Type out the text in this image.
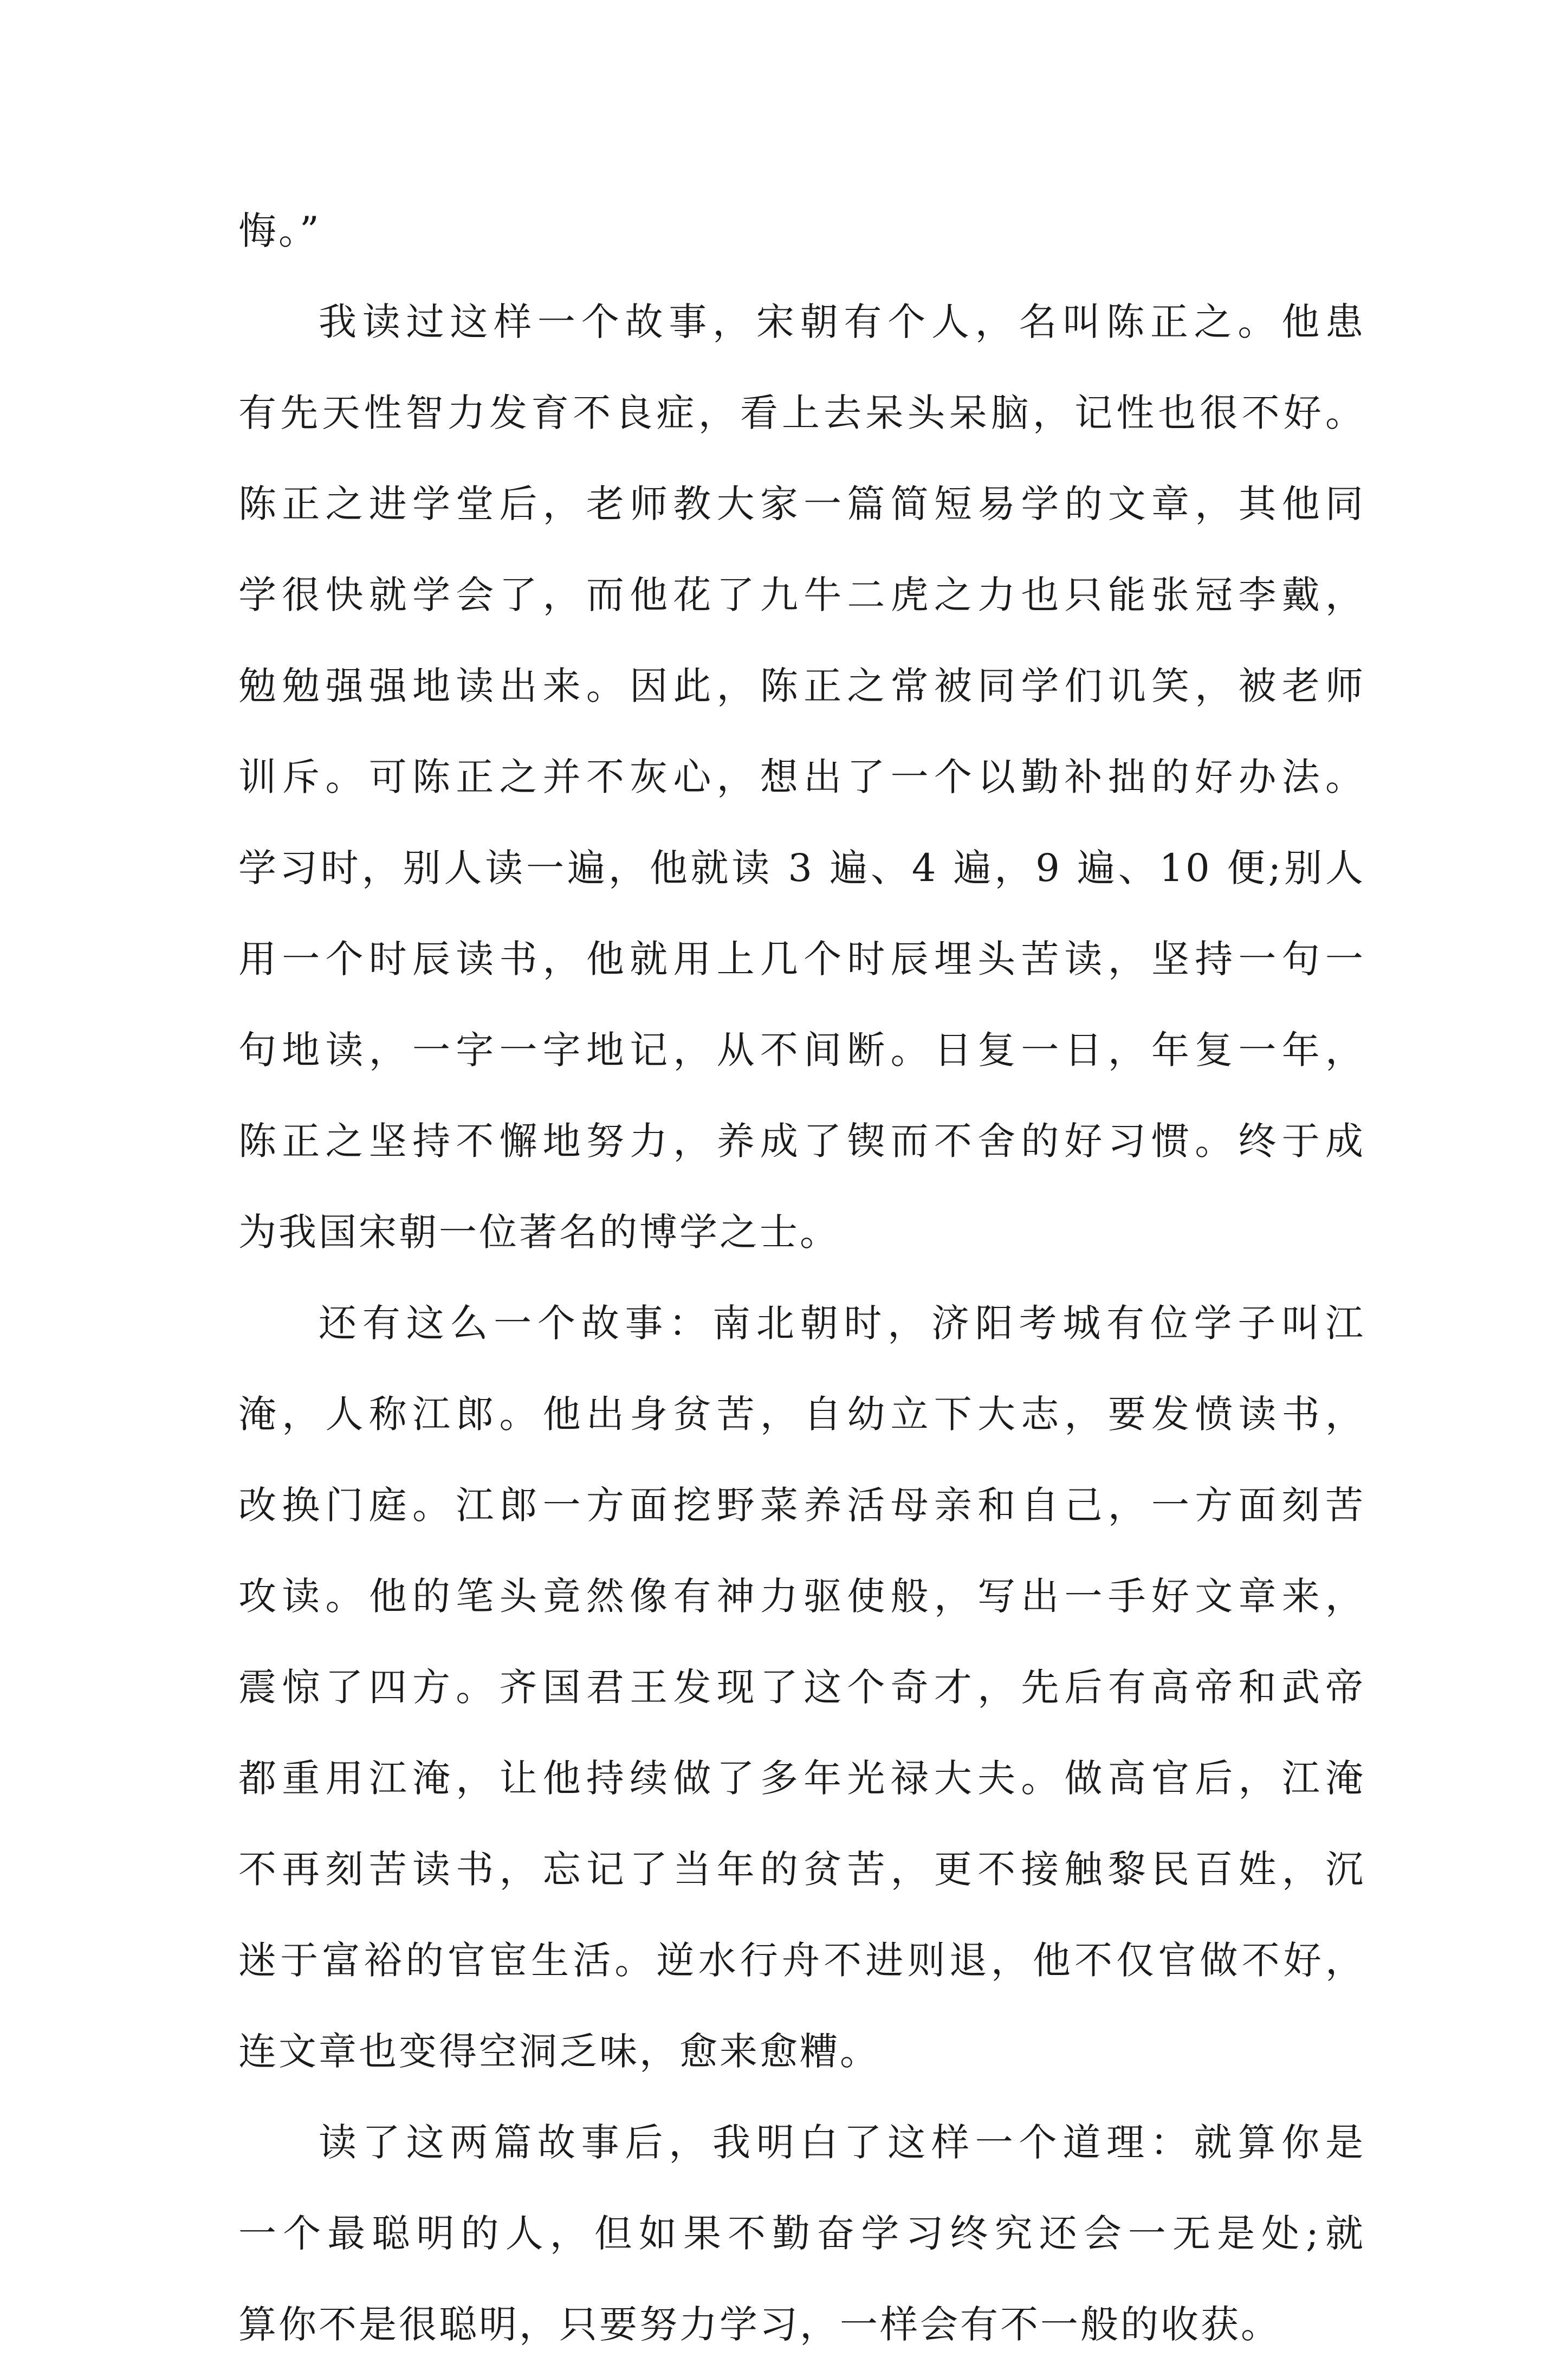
悔。”
我读过这样一个故事，宋朝有个人，名叫陈正之。他患
有先天性智力发育不良症，看上去呆头呆脑，记性也很不好。
陈正之进学堂后，老师教大家一篇简短易学的文章，其他同
学很快就学会了，而他花了九牛二虎之力也只能张冠李戴，
勉勉强强地读出来。因此，陈正之常被同学们讥笑，被老师
训斥。可陈正之并不灰心，想出了一个以勤补拙的好办法。
学习时，别人读一遍，他就读 3 遍、4 遍，9 遍、10 便;别人
用一个时辰读书，他就用上几个时辰埋头苦读，坚持一句一
句地读，一字一字地记，从不间断。日复一日，年复一年，
陈正之坚持不懈地努力，养成了锲而不舍的好习惯。终于成
为我国宋朝一位著名的博学之士。
还有这么一个故事：南北朝时，济阳考城有位学子叫江
淹，人称江郎。他出身贫苦，自幼立下大志，要发愤读书，
改换门庭。江郎一方面挖野菜养活母亲和自己，一方面刻苦
攻读。他的笔头竟然像有神力驱使般，写出一手好文章来，
震惊了四方。齐国君王发现了这个奇才，先后有高帝和武帝
都重用江淹，让他持续做了多年光禄大夫。做高官后，江淹
不再刻苦读书，忘记了当年的贫苦，更不接触黎民百姓，沉
迷于富裕的官宦生活。逆水行舟不进则退，他不仅官做不好，
连文章也变得空洞乏味，愈来愈糟。
读了这两篇故事后，我明白了这样一个道理：就算你是
一个最聪明的人，但如果不勤奋学习终究还会一无是处;就
算你不是很聪明，只要努力学习，一样会有不一般的收获。
